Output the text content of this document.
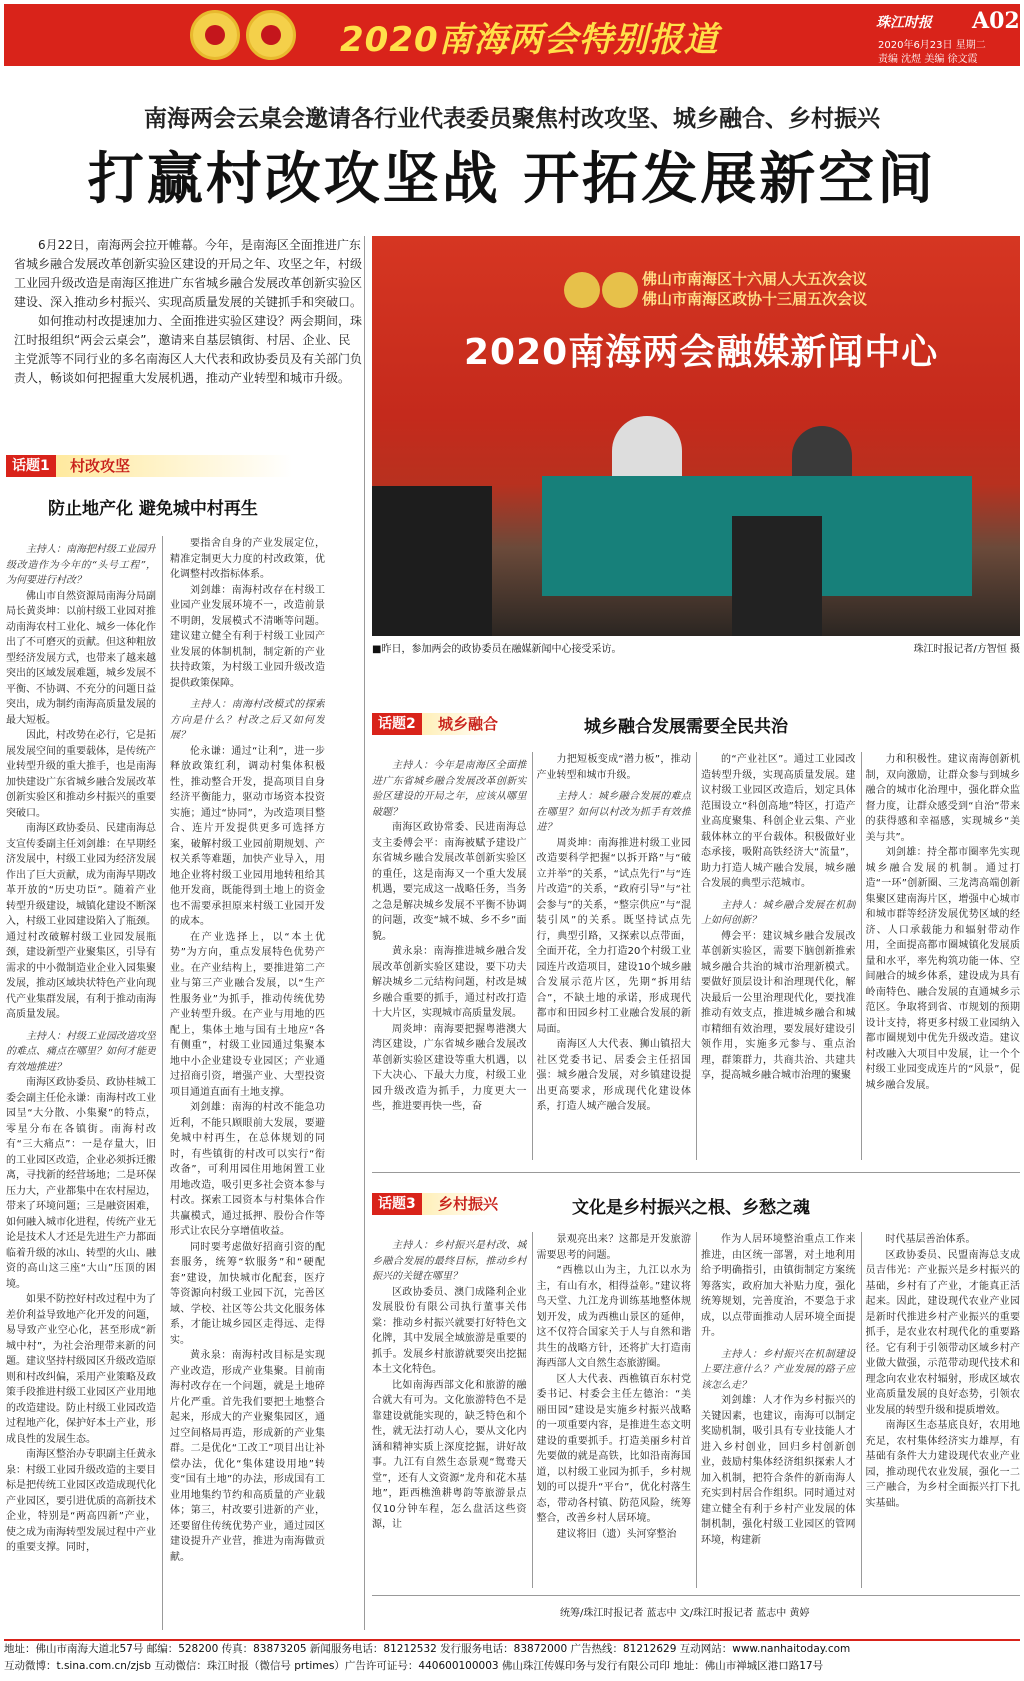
2020南海两会特别报道	珠江时报 A02
2020年6月23日 星期二
责编 沈煜 美编 徐文霞
南海两会云桌会邀请各行业代表委员聚焦村改攻坚、城乡融合、乡村振兴
打赢村改攻坚战 开拓发展新空间

6月22日，南海两会拉开帷幕。今年，是南海区全面推进广东省城乡融合发展改革创新实验区建设的开局之年、攻坚之年，村级工业园升级改造是南海区推进广东省城乡融合发展改革创新实验区建设、深入推动乡村振兴、实现高质量发展的关键抓手和突破口。

如何推动村改提速加力、全面推进实验区建设？两会期间，珠江时报组织“两会云桌会”，邀请来自基层镇街、村居、企业、民主党派等不同行业的多名南海区人大代表和政协委员及有关部门负责人，畅谈如何把握重大发展机遇，推动产业转型和城市升级。

佛山市南海区十六届人大五次会议
佛山市南海区政协十三届五次会议
2020南海两会融媒新闻中心
■昨日，参加两会的政协委员在融媒新闻中心接受采访。	珠江时报记者/方智恒 摄
话题1	村改攻坚
防止地产化 避免城中村再生

主持人：南海把村级工业园升级改造作为今年的“头号工程”，为何要进行村改？

佛山市自然资源局南海分局副局长黄炎坤：以前村级工业园对推动南海农村工业化、城乡一体化作出了不可磨灭的贡献。但这种粗放型经济发展方式，也带来了越来越突出的区域发展难题，城乡发展不平衡、不协调、不充分的问题日益突出，成为制约南海高质量发展的最大短板。

因此，村改势在必行，它是拓展发展空间的重要载体，是传统产业转型升级的重大推手，也是南海加快建设广东省城乡融合发展改革创新实验区和推动乡村振兴的重要突破口。

南海区政协委员、民建南海总支宣传委副主任刘剑雄：在早期经济发展中，村级工业园为经济发展作出了巨大贡献，成为南海早期改革开放的“历史功臣”。随着产业转型升级建设，城镇化建设不断深入，村级工业园建设陷入了瓶颈。通过村改破解村级工业园发展瓶颈，建设新型产业聚集区，引导有需求的中小微制造业企业入园集聚发展，推动区域块状特色产业向现代产业集群发展，有利于推动南海高质量发展。

主持人：村级工业园改造攻坚的难点、痛点在哪里？如何才能更有效地推进？

南海区政协委员、政协桂城工委会副主任伦永谦：南海村改工业园呈“大分散、小集聚”的特点，零星分布在各镇街。南海村改有“三大痛点”：一是存量大，旧的工业园区改造，企业必须拆迁搬离，寻找新的经营场地；二是环保压力大，产业都集中在农村屋边，带来了环境问题；三是融资困难，如何融入城市化进程，传统产业无论是技术人才还是先进生产力都面临着升级的冰山、转型的火山、融资的高山这三座“大山”压顶的困境。

如果不防控好村改过程中为了差价利益导致地产化开发的问题，易导致产业空心化，甚至形成“新城中村”，为社会治理带来新的问题。建议坚持村级园区升级改造原则和村改纠偏，采用产业策略及政策手段推进村级工业园区产业用地的改造建设。防止村级工业园改造过程地产化，保护好本土产业，形成良性的发展生态。

南海区整治办专职副主任黄永泉：村级工业园升级改造的主要目标是把传统工业园区改造成现代化产业园区，要引进优质的高新技术企业，特别是“两高四新”产业，使之成为南海转型发展过程中产业的重要支撑。同时，

要指舍自身的产业发展定位，精准定制更大力度的村改政策，优化调整村改指标体系。

刘剑雄：南海村改存在村级工业园产业发展环境不一，改造前景不明朗，发展模式不清晰等问题。建议建立健全有利于村级工业园产业发展的体制机制，制定新的产业扶持政策，为村级工业园升级改造提供政策保障。

主持人：南海村改模式的探索方向是什么？村改之后又如何发展？

伦永谦：通过“让利”，进一步释放政策红利，调动村集体积极性，推动整合开发，提高项目自身经济平衡能力，驱动市场资本投资实施；通过“协同”，为改造项目整合、连片开发提供更多可选择方案，破解村级工业园前期规划、产权关系等难题，加快产业导入，用地企业将村级工业园用地转租给其他开发商，既能得到土地上的资金也不需要承担原来村级工业园开发的成本。

在产业选择上，以“本土优势”为方向，重点发展特色优势产业。在产业结构上，要推进第二产业与第三产业融合发展，以“生产性服务业”为抓手，推动传统优势产业转型升级。在产业与用地的匹配上，集体土地与国有土地应“各有侧重”，村级工业园通过集聚本地中小企业建设专业园区；产业通过招商引资，增强产业、大型投资项目通道直面有土地支撑。

刘剑雄：南海的村改不能急功近利，不能只顾眼前大发展，要避免城中村再生，在总体规划的同时，有些镇街的村改可以实行“衔改备”，可利用园住用地闲置工业用地改造，吸引更多社会资本参与村改。探索工园资本与村集体合作共赢模式，通过抵押、股份合作等形式让农民分享增值收益。

同时要考虑做好招商引资的配套服务，统筹“软服务”和“硬配套”建设，加快城市化配套，医疗等资源向村级工业园下沉，完善区域、学校、社区等公共文化服务体系，才能让城乡园区走得远、走得实。

黄永泉：南海村改目标是实现产业改造，形成产业集聚。目前南海村改存在一个问题，就是土地碎片化严重。首先我们要把土地整合起来，形成大的产业聚集园区，通过空间格局再造，形成新的产业集群。二是优化“工改工”项目出让补偿办法，优化“集体建设用地”转变“国有土地”的办法，形成国有工业用地集约节约和高质量的产业载体；第三，村改要引进新的产业，还要留住传统优势产业，通过园区建设提升产业营，推进为南海做贡献。

话题2	城乡融合	城乡融合发展需要全民共治
话题3	乡村振兴	文化是乡村振兴之根、乡愁之魂
统筹/珠江时报记者 蓝志中 文/珠江时报记者 蓝志中 黄婷
地址：佛山市南海大道北57号 邮编：528200 传真：83873205 新闻服务电话：81212532 发行服务电话：83872000 广告热线：81212629 互动网站：www.nanhaitoday.com
互动微博：t.sina.com.cn/zjsb 互动微信：珠江时报（微信号 prtimes）广告许可证号：440600100003 佛山珠江传媒印务与发行有限公司印 地址：佛山市禅城区港口路17号

主持人：今年是南海区全面推进广东省城乡融合发展改革创新实验区建设的开局之年，应该从哪里破题？

南海区政协常委、民进南海总支主委傅会平：南海被赋予建设广东省城乡融合发展改革创新实验区的重任，这是南海又一个重大发展机遇，要完成这一战略任务，当务之急是解决城乡发展不平衡不协调的问题，改变“城不城、乡不乡”面貌。

黄永泉：南海推进城乡融合发展改革创新实验区建设，要下功夫解决城乡二元结构问题，村改是城乡融合重要的抓手，通过村改打造十大片区，实现城市高质量发展。

周炎坤：南海要把握粤港澳大湾区建设，广东省城乡融合发展改革创新实验区建设等重大机遇，以下大决心、下最大力度，村级工业园升级改造为抓手，力度更大一些，推进要再快一些，奋

力把短板变成“潜力板”，推动产业转型和城市升级。

主持人：城乡融合发展的难点在哪里？如何以村改为抓手有效推进？

周炎坤：南海推进村级工业园改造要科学把握“以拆开路”与“破立并举”的关系，“试点先行”与“连片改造”的关系，“政府引导”与“社会参与”的关系，“整宗供应”与“混装引凤”的关系。既坚持试点先行，典型引路，又探索以点带面，全面开花，全力打造20个村级工业园连片改造项目，建设10个城乡融合发展示范片区，先期“拆用结合”，不缺土地的承诺，形成现代都市和田园乡村工业融合发展的新局面。

南海区人大代表、狮山镇招大社区党委书记、居委会主任招国强：城乡融合发展，对乡镇建设提出更高要求，形成现代化建设体系，打造人城产融合发展。

的“产业社区”。通过工业园改造转型升级，实现高质量发展。建议村级工业园区改造后，划定具体范围设立“科创高地”特区，打造产业高度聚集、科创企业云集、产业载体林立的平台载体。积极做好业态承接，吸附高铁经济大“流量”，助力打造人城产融合发展，城乡融合发展的典型示范城市。

主持人：城乡融合发展在机制上如何创新？

傅会平：建议城乡融合发展改革创新实验区，需要下脑创新推索城乡融合共治的城市治理新模式。要做好顶层设计和治理现代化，解决最后一公里治理现代化，要找准推动有效支点，推进城乡融合和城市精细有效治理，要发展好建设引领作用，实施多元参与、重点治理，群策群力，共商共治、共建共享，提高城乡融合城市治理的聚聚

力和积极性。建议南海创新机制，双向激励，让群众参与到城乡融合的城市化治理中，强化群众监督力度，让群众感受到“自治”带来的获得感和幸福感，实现城乡“美美与共”。

刘剑雄：持全都市圈率先实现城乡融合发展的机制。通过打造“一环”创新圈、三龙湾高端创新集聚区建南海片区，增强中心城市和城市群等经济发展优势区域的经济、人口承载能力和辐射带动作用，全面提高都市圈城镇化发展质量和水平，率先构筑功能一体、空间融合的城乡体系，建设成为具有岭南特色、融合发展的直通城乡示范区。争取将到省、市规划的预期设计支持，将更多村级工业园纳入都市圈规划中优先升级改造。建议村改融入大项目中发展，让一个个村级工业园变成连片的“风景”，促城乡融合发展。

主持人：乡村振兴是村改、城乡融合发展的最终目标，推动乡村振兴的关键在哪里？

区政协委员、澳门成隆利企业发展股份有限公司执行董事关伟棠：推动乡村振兴就要打好特色文化牌，其中发展全域旅游是重要的抓手。发展乡村旅游就要突出挖掘本土文化特色。

比如南海西部文化和旅游的融合就大有可为。文化旅游特色不是靠建设就能实现的，缺乏特色和个性，就无法打动人心，要从文化内涵和精神实质上深度挖掘，讲好故事。九江有自然生态景观“鸳鸯天堂”，还有人文资源“龙舟和花木基地”，距西樵渔耕粤韵等旅游景点仅10分钟车程，怎么盘活这些资源，让

景观亮出来？这都是开发旅游需要思考的问题。

“西樵以山为主，九江以水为主，有山有水，相得益彰。”建议将鸟天堂、九江龙舟训练基地整体规划开发，成为西樵山景区的延伸，这不仅符合国家关于人与自然和谐共生的战略方针，还将扩大打造南海西部人文自然生态旅游圈。

区人大代表、西樵镇百东村党委书记、村委会主任左德治：“美丽田园”建设是实施乡村振兴战略的一项重要内容，是推进生态文明建设的重要抓手。打造美丽乡村首先要做的就是高铁，比如沿南海国道，以村级工业园为抓手，乡村规划的可以提升“平台”，优化村落生态，带动各村镇、防范风险，统筹整合，改善乡村人居环境。

建议将旧（遗）头河穿整治

作为人居环境整治重点工作来推进，由区统一部署，对土地利用给予明确指引，由镇街制定方案统筹落实，政府加大补贴力度，强化统筹规划，完善度治，不要急于求成，以点带面推动人居环境全面提升。

主持人：乡村振兴在机制建设上要注意什么？产业发展的路子应该怎么走？

刘剑雄：人才作为乡村振兴的关键因素，也建议，南海可以制定奖励机制，吸引具有专业技能人才进入乡村创业，回归乡村创新创业，鼓励村集体经济组织探索人才加入机制，把符合条件的新南海人充实到村居合作组织。同时通过对建立健全有利于乡村产业发展的体制机制，强化村级工业园区的管网环境，构建新

时代基层善治体系。

区政协委员、民盟南海总支成员吉伟光：产业振兴是乡村振兴的基础，乡村有了产业，才能真正活起来。因此，建设现代农业产业园是新时代推进乡村产业振兴的重要抓手，是农业农村现代化的重要路径。它有利于引领带动区域乡村产业做大做强，示范带动现代技术和理念向农业农村辐射，形成区域农业高质量发展的良好态势，引领农业发展的转型升级和提质增效。

南海区生态基底良好，农用地充足，农村集体经济实力雄厚，有基础有条件大力建设现代农业产业园，推动现代农业发展，强化一二三产融合，为乡村全面振兴打下扎实基础。
